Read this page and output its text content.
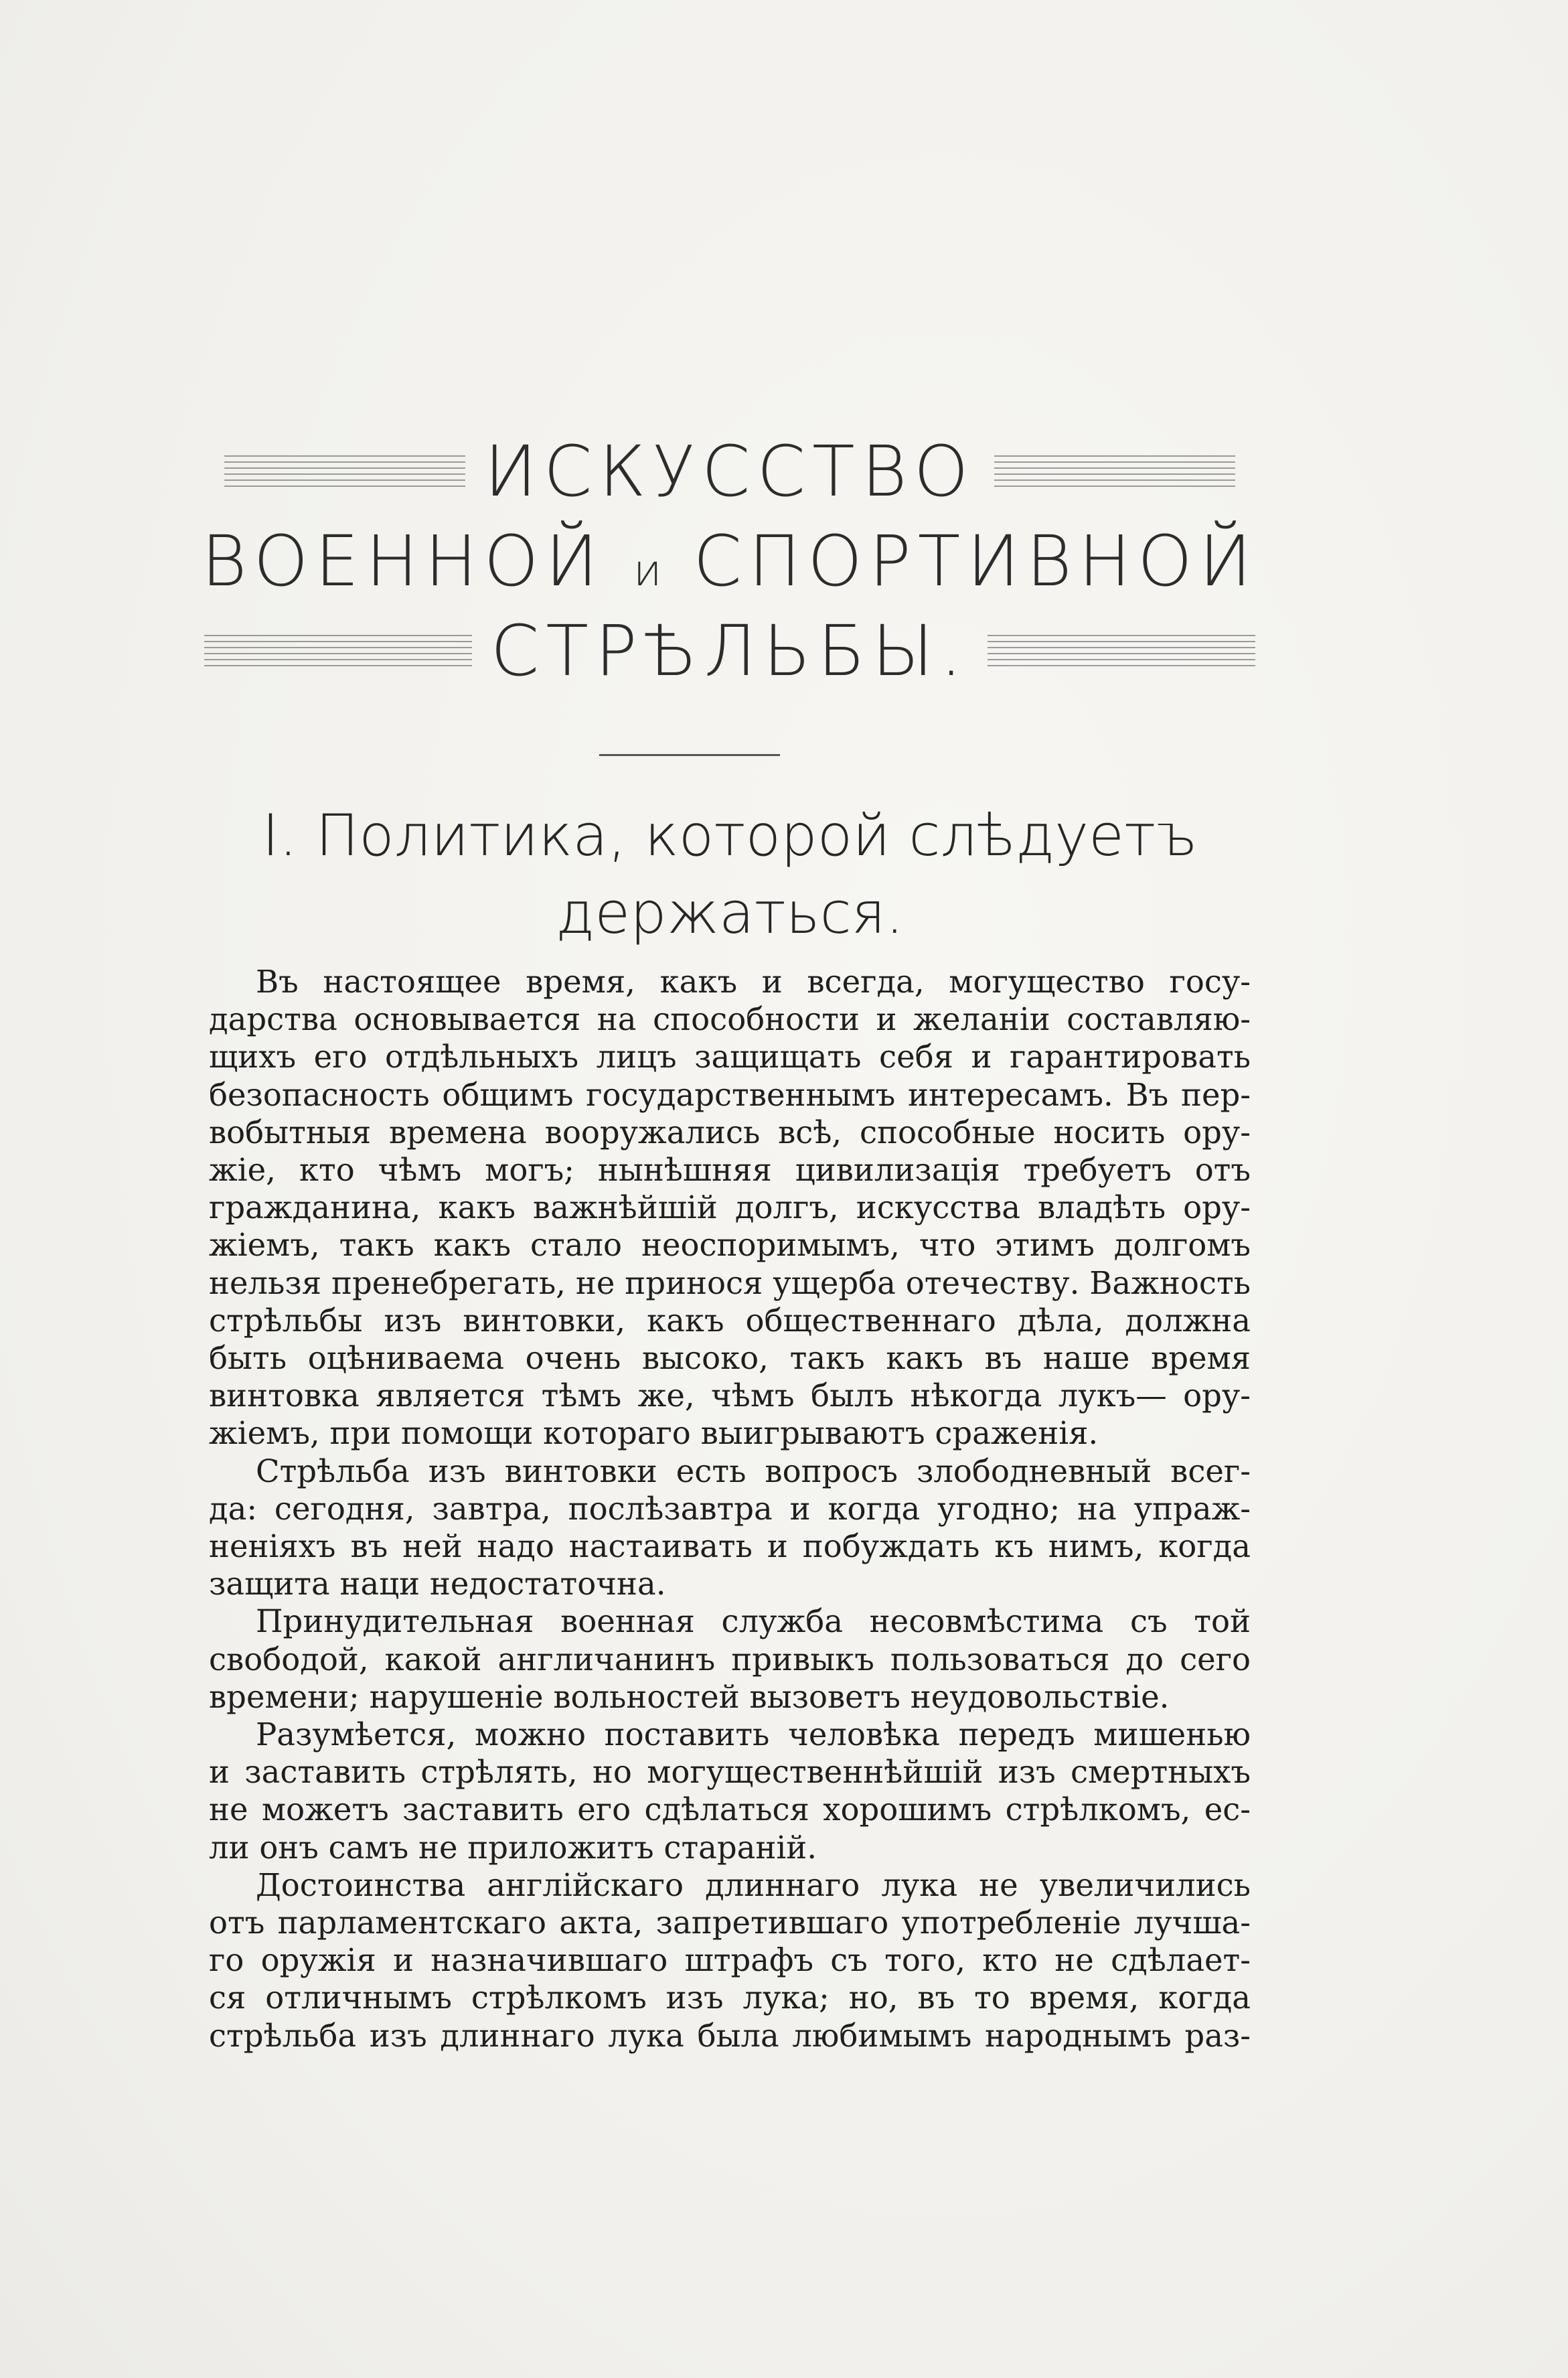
ИСКУССТВО
ВОЕННОЙ и СПОРТИВНОЙ
СТРѢЛЬБЫ.
I. Политика, которой слѣдуетъ
держаться.
Въ настоящее время, какъ и всегда, могущество госу-
дарства основывается на способности и желаніи составляю-
щихъ его отдѣльныхъ лицъ защищать себя и гарантировать
безопасность общимъ государственнымъ интересамъ. Въ пер-
вобытныя времена вооружались всѣ, способные носить ору-
жіе, кто чѣмъ могъ; нынѣшняя цивилизація требуетъ отъ
гражданина, какъ важнѣйшій долгъ, искусства владѣть ору-
жіемъ, такъ какъ стало неоспоримымъ, что этимъ долгомъ
нельзя пренебрегать, не принося ущерба отечеству. Важность
стрѣльбы изъ винтовки, какъ общественнаго дѣла, должна
быть оцѣниваема очень высоко, такъ какъ въ наше время
винтовка является тѣмъ же, чѣмъ былъ нѣкогда лукъ— ору-
жіемъ, при помощи котораго выигрываютъ сраженія.
Стрѣльба изъ винтовки есть вопросъ злободневный всег-
да: сегодня, завтра, послѣзавтра и когда угодно; на упраж-
неніяхъ въ ней надо настаивать и побуждать къ нимъ, когда
защита наци недостаточна.
Принудительная военная служба несовмѣстима съ той
свободой, какой англичанинъ привыкъ пользоваться до сего
времени; нарушеніе вольностей вызоветъ неудовольствіе.
Разумѣется, можно поставить человѣка передъ мишенью
и заставить стрѣлять, но могущественнѣйшій изъ смертныхъ
не можетъ заставить его сдѣлаться хорошимъ стрѣлкомъ, ес-
ли онъ самъ не приложитъ стараній.
Достоинства англійскаго длиннаго лука не увеличились
отъ парламентскаго акта, запретившаго употребленіе лучша-
го оружія и назначившаго штрафъ съ того, кто не сдѣлает-
ся отличнымъ стрѣлкомъ изъ лука; но, въ то время, когда
стрѣльба изъ длиннаго лука была любимымъ народнымъ раз-
